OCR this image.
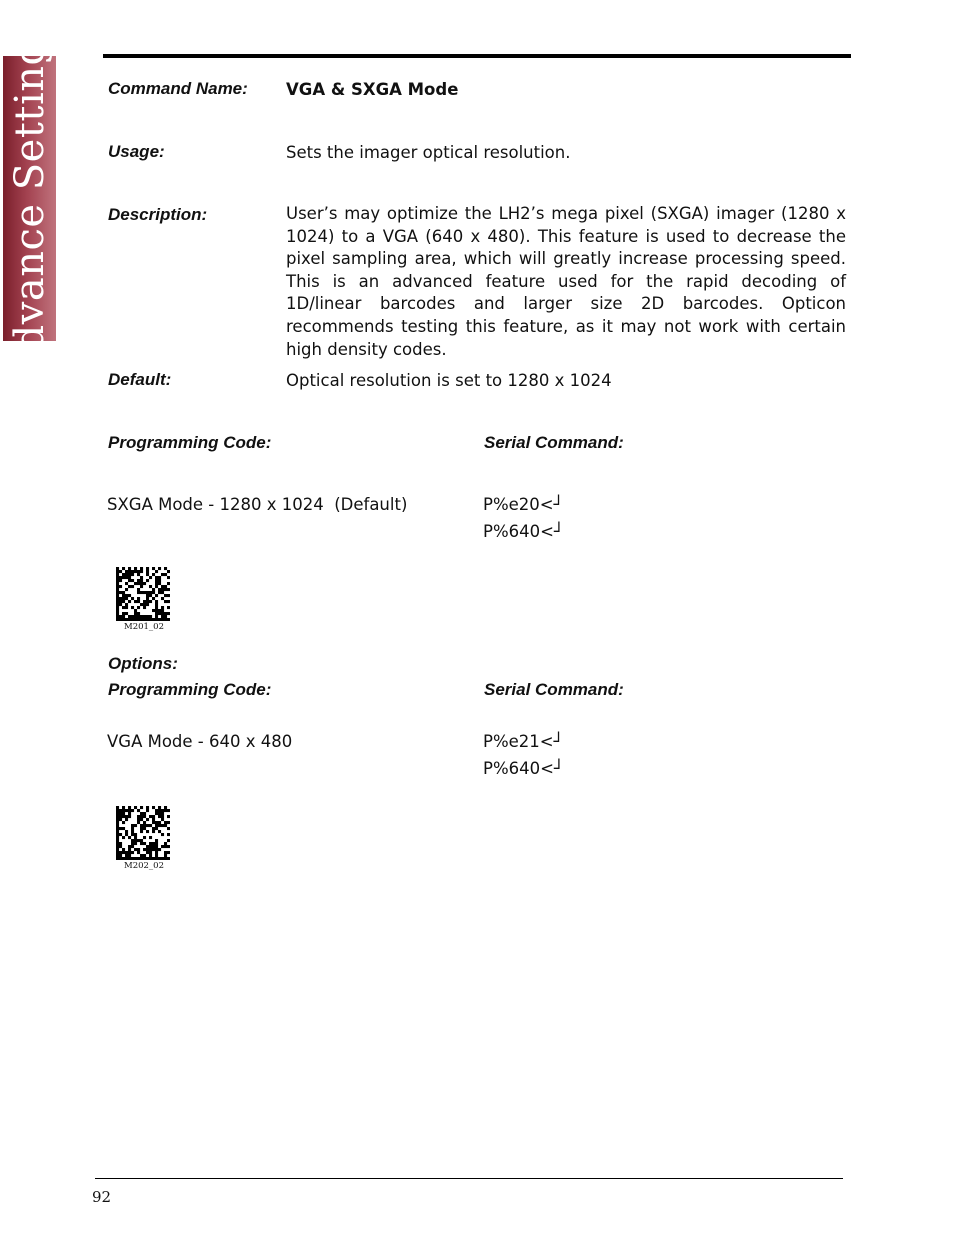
Advance Settings	Command Name: VGA & SXGA Mode
Usage:	Sets the imager optical resolution.
Description:	User’s may optimize the LH2’s mega pixel (SXGA) imager (1280 x 1024) to a VGA (640 x 480). This feature is used to decrease the pixel sampling area, which will greatly increase processing speed. This is an advanced feature used for the rapid decoding of 1D/linear barcodes and larger size 2D barcodes. Opticon recommends testing this feature, as it may not work with certain high density codes.
Default:	Optical resolution is set to 1280 x 1024
Programming Code:	Serial Command:
SXGA Mode - 1280 x 1024  (Default)	P%e20<┘
P%640<┘
M201_02
Options:
Programming Code:	Serial Command:
VGA Mode - 640 x 480	P%e21<┘
P%640<┘
M202_02
92
